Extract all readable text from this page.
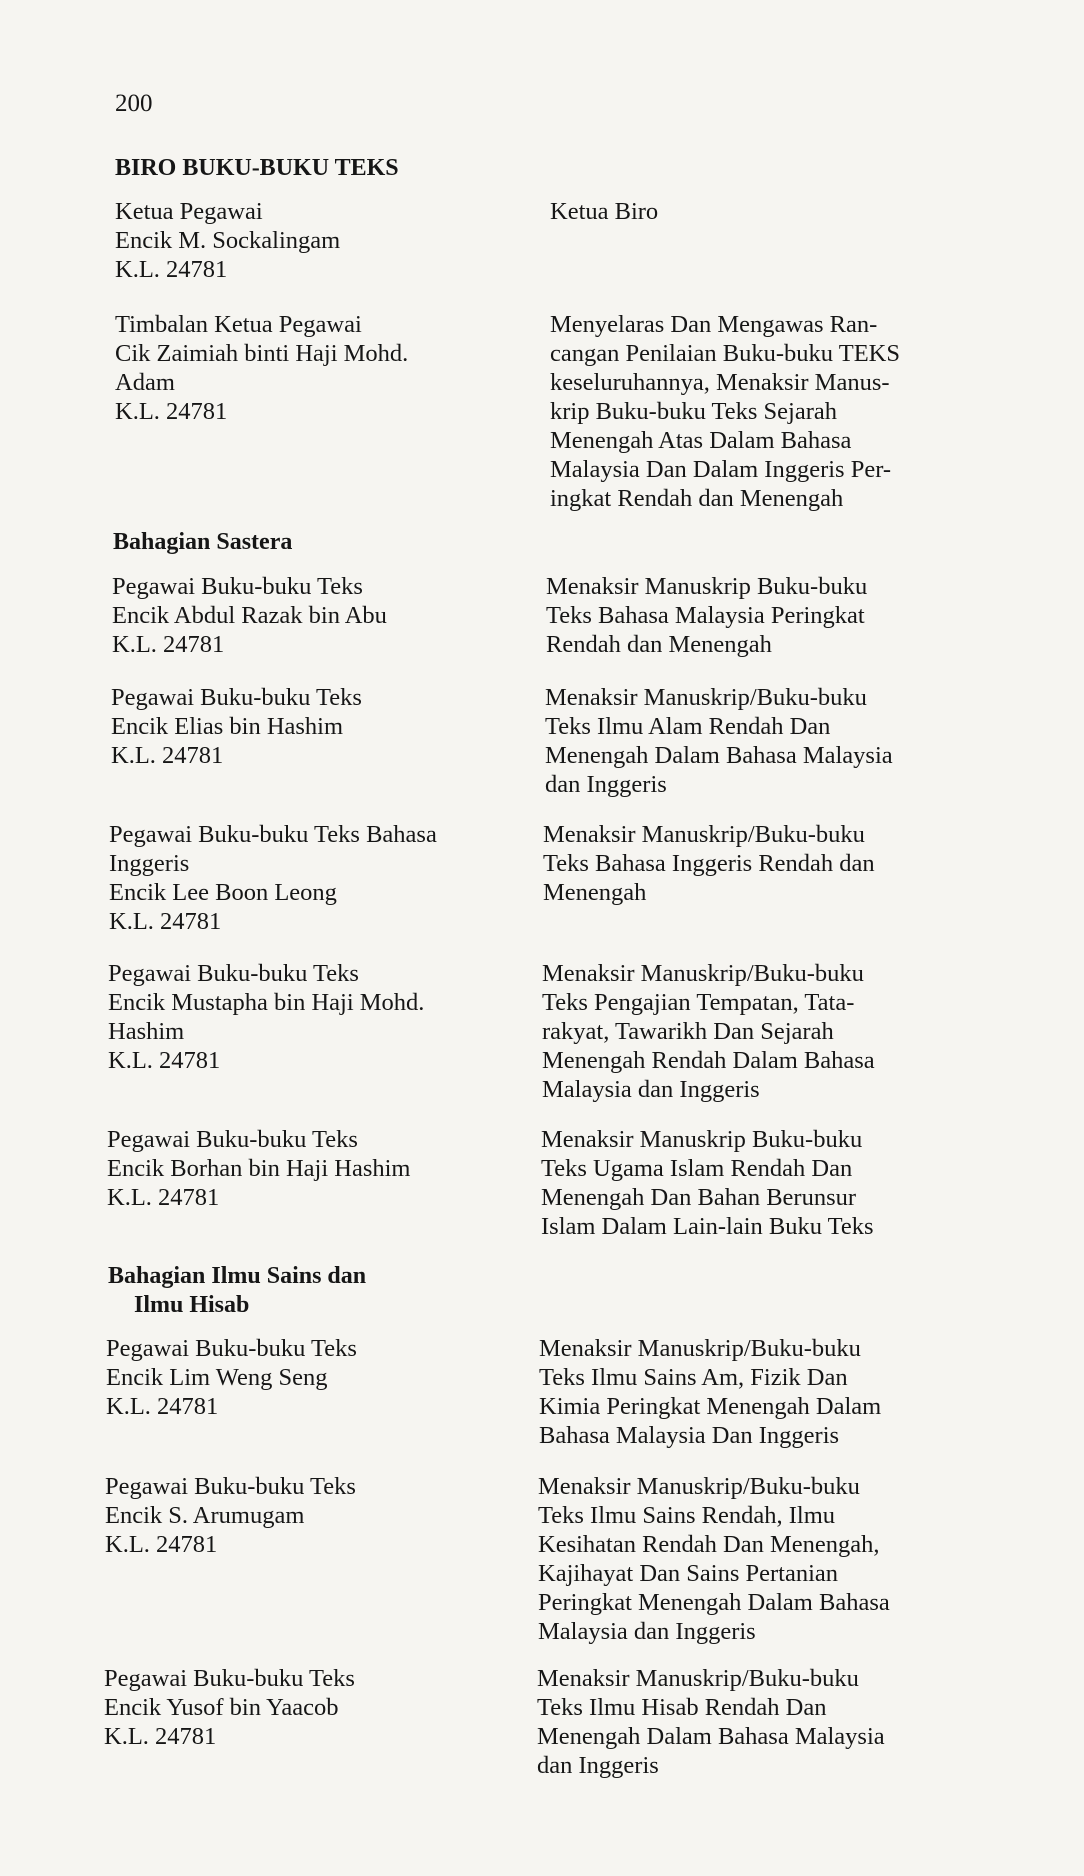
200
BIRO BUKU-BUKU TEKS
Ketua Pegawai
Encik M. Sockalingam
K.L. 24781
Ketua Biro
Timbalan Ketua Pegawai
Cik Zaimiah binti Haji Mohd.
Adam
K.L. 24781
Menyelaras Dan Mengawas Ran-
cangan Penilaian Buku-buku TEKS
keseluruhannya, Menaksir Manus-
krip Buku-buku Teks Sejarah
Menengah Atas Dalam Bahasa
Malaysia Dan Dalam Inggeris Per-
ingkat Rendah dan Menengah
Bahagian Sastera
Pegawai Buku-buku Teks
Encik Abdul Razak bin Abu
K.L. 24781
Menaksir Manuskrip Buku-buku
Teks Bahasa Malaysia Peringkat
Rendah dan Menengah
Pegawai Buku-buku Teks
Encik Elias bin Hashim
K.L. 24781
Menaksir Manuskrip/Buku-buku
Teks Ilmu Alam Rendah Dan
Menengah Dalam Bahasa Malaysia
dan Inggeris
Pegawai Buku-buku Teks Bahasa
Inggeris
Encik Lee Boon Leong
K.L. 24781
Menaksir Manuskrip/Buku-buku
Teks Bahasa Inggeris Rendah dan
Menengah
Pegawai Buku-buku Teks
Encik Mustapha bin Haji Mohd.
Hashim
K.L. 24781
Menaksir Manuskrip/Buku-buku
Teks Pengajian Tempatan, Tata-
rakyat, Tawarikh Dan Sejarah
Menengah Rendah Dalam Bahasa
Malaysia dan Inggeris
Pegawai Buku-buku Teks
Encik Borhan bin Haji Hashim
K.L. 24781
Menaksir Manuskrip Buku-buku
Teks Ugama Islam Rendah Dan
Menengah Dan Bahan Berunsur
Islam Dalam Lain-lain Buku Teks
Bahagian Ilmu Sains dan
Ilmu Hisab
Pegawai Buku-buku Teks
Encik Lim Weng Seng
K.L. 24781
Menaksir Manuskrip/Buku-buku
Teks Ilmu Sains Am, Fizik Dan
Kimia Peringkat Menengah Dalam
Bahasa Malaysia Dan Inggeris
Pegawai Buku-buku Teks
Encik S. Arumugam
K.L. 24781
Menaksir Manuskrip/Buku-buku
Teks Ilmu Sains Rendah, Ilmu
Kesihatan Rendah Dan Menengah,
Kajihayat Dan Sains Pertanian
Peringkat Menengah Dalam Bahasa
Malaysia dan Inggeris
Pegawai Buku-buku Teks
Encik Yusof bin Yaacob
K.L. 24781
Menaksir Manuskrip/Buku-buku
Teks Ilmu Hisab Rendah Dan
Menengah Dalam Bahasa Malaysia
dan Inggeris
